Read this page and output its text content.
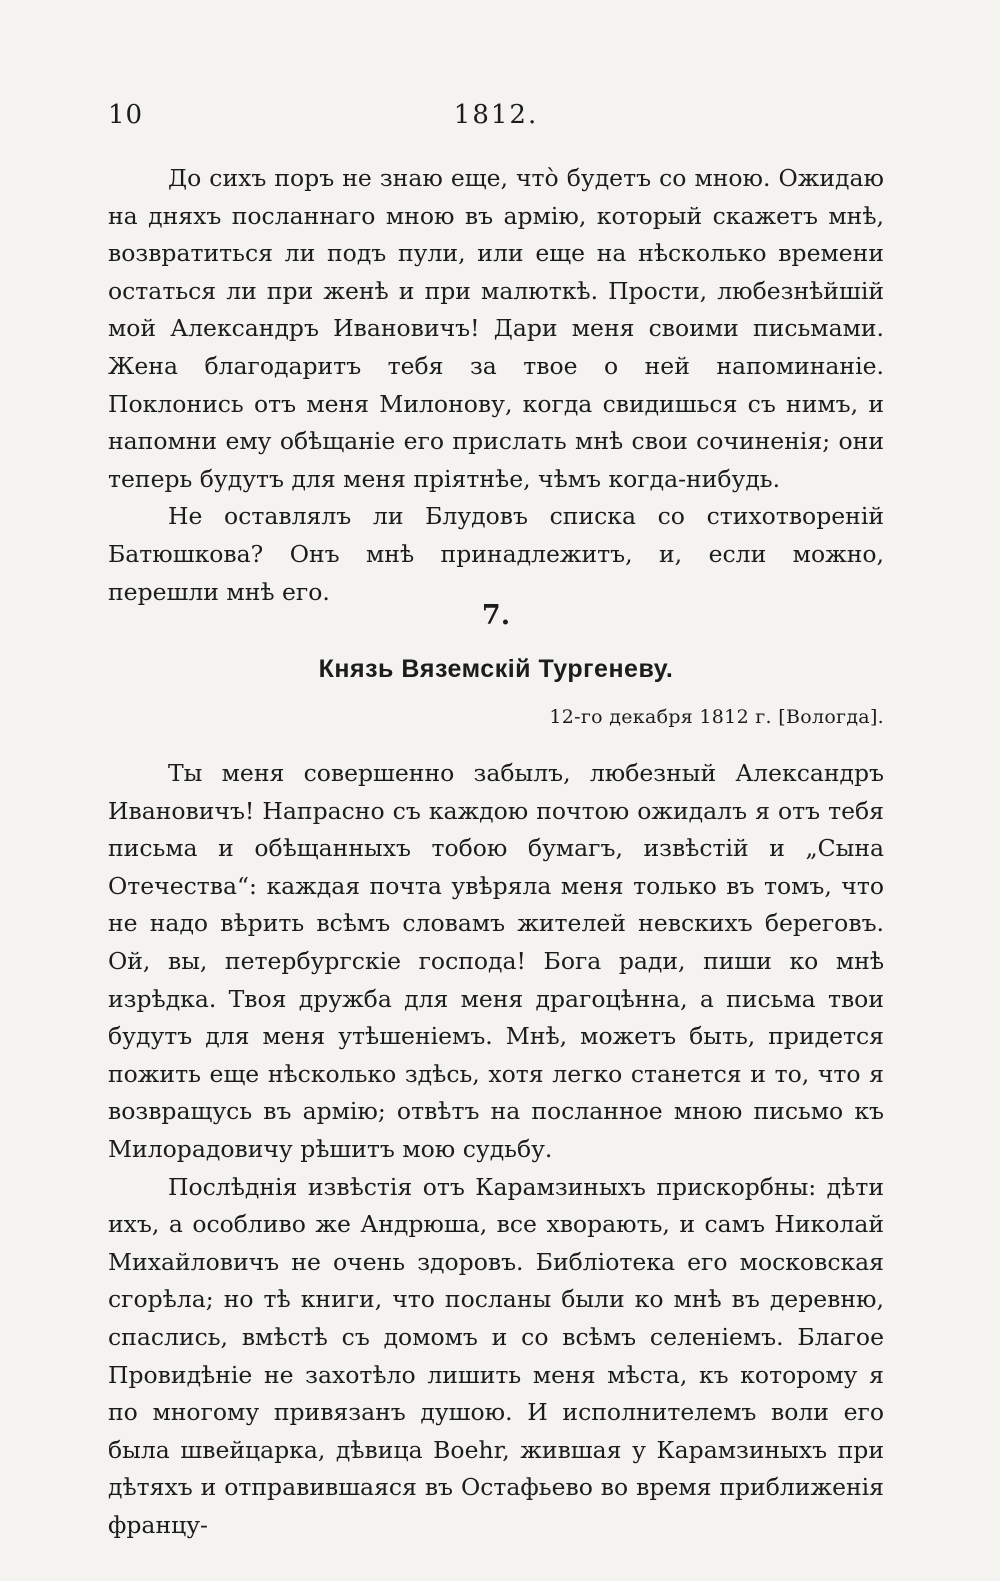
10	1812.

До сихъ поръ не знаю еще, что̀ будетъ со мною. Ожидаю на дняхъ посланнаго мною въ армію, который скажетъ мнѣ, возвратиться ли подъ пули, или еще на нѣсколько времени остаться ли при женѣ и при малюткѣ. Прости, любезнѣйшій мой Александръ Ивановичъ! Дари меня своими письмами. Жена благодаритъ тебя за твое о ней напоминаніе. Поклонись отъ меня Милонову, когда свидишься съ нимъ, и напомни ему обѣщаніе его прислать мнѣ свои сочиненія; они теперь будутъ для меня пріятнѣе, чѣмъ когда-нибудь.

Не оставлялъ ли Блудовъ списка со стихотвореній Батюшкова? Онъ мнѣ принадлежитъ, и, если можно, перешли мнѣ его.

7.
Князь Вяземскій Тургеневу.
12-го декабря 1812 г. [Вологда].

Ты меня совершенно забылъ, любезный Александръ Ивановичъ! Напрасно съ каждою почтою ожидалъ я отъ тебя письма и обѣщанныхъ тобою бумагъ, извѣстій и „Сына Отечества“: каждая почта увѣряла меня только въ томъ, что не надо вѣрить всѣмъ словамъ жителей невскихъ береговъ. Ой, вы, петербургскіе господа! Бога ради, пиши ко мнѣ изрѣдка. Твоя дружба для меня драгоцѣнна, а письма твои будутъ для меня утѣшеніемъ. Мнѣ, можетъ быть, придется пожить еще нѣсколько здѣсь, хотя легко станется и то, что я возвращусь въ армію; отвѣтъ на посланное мною письмо къ Милорадовичу рѣшитъ мою судьбу.

Послѣднія извѣстія отъ Карамзиныхъ прискорбны: дѣти ихъ, а особливо же Андрюша, все хворають, и самъ Николай Михайловичъ не очень здоровъ. Библіотека его московская сгорѣла; но тѣ книги, что посланы были ко мнѣ въ деревню, спаслись, вмѣстѣ съ домомъ и со всѣмъ селеніемъ. Благое Провидѣніе не захотѣло лишить меня мѣста, къ которому я по многому привязанъ душою. И исполнителемъ воли его была швейцарка, дѣвица Boehr, жившая у Карамзиныхъ при дѣтяхъ и отправившаяся въ Остафьево во время приближенія францу-
